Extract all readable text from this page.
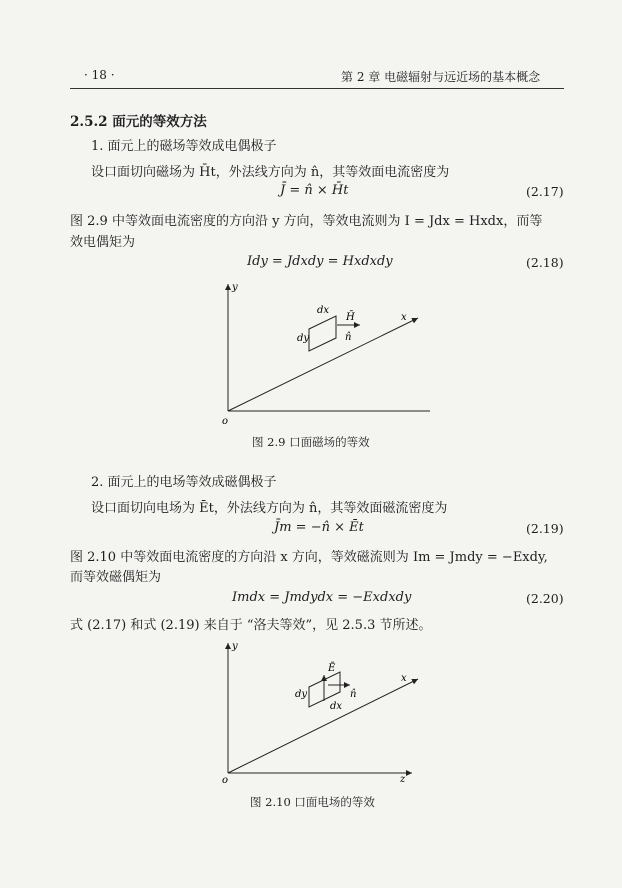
· 18 ·	第 2 章 电磁辐射与远近场的基本概念
2.5.2 面元的等效方法
1. 面元上的磁场等效成电偶极子
设口面切向磁场为 H̄t，外法线方向为 n̂，其等效面电流密度为
J̄ = n̂ × H̄t	(2.17)
图 2.9 中等效面电流密度的方向沿 y 方向，等效电流则为 I = Jdx = Hxdx，而等
效电偶矩为
Idy = Jdxdy = Hxdxdy	(2.18)
y
x
o
dx
dy
H̄
n̂
图 2.9 口面磁场的等效
2. 面元上的电场等效成磁偶极子
设口面切向电场为 Ēt，外法线方向为 n̂，其等效面磁流密度为
J̄m = −n̂ × Ēt	(2.19)
图 2.10 中等效面电流密度的方向沿 x 方向，等效磁流则为 Im = Jmdy = −Exdy,
而等效磁偶矩为
Imdx = Jmdydx = −Exdxdy	(2.20)
式 (2.17) 和式 (2.19) 来自于 “洛夫等效”，见 2.5.3 节所述。
y
x
z
o
Ē
dy
dx
n̂
图 2.10 口面电场的等效
